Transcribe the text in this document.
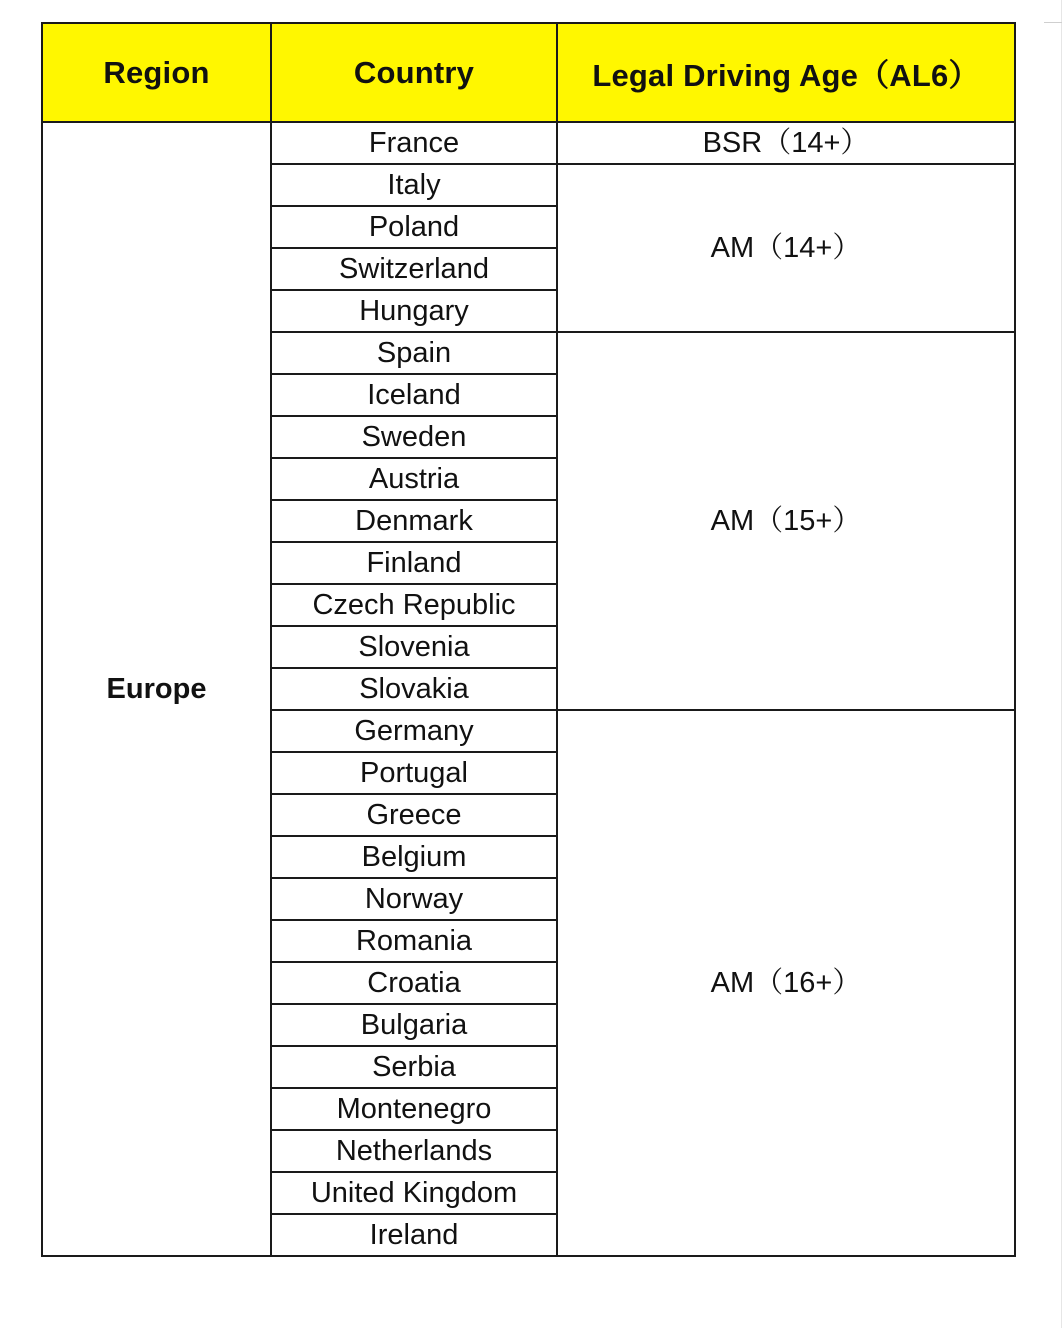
Region	Country	Legal Driving Age（AL6）
Europe	France	BSR（14+）
	Italy	AM（14+）
	Poland	
	Switzerland	
	Hungary	
	Spain	AM（15+）
	Iceland	
	Sweden	
	Austria	
	Denmark	
	Finland	
	Czech Republic	
	Slovenia	
	Slovakia	
	Germany	AM（16+）
	Portugal	
	Greece	
	Belgium	
	Norway	
	Romania	
	Croatia	
	Bulgaria	
	Serbia	
	Montenegro	
	Netherlands	
	United Kingdom	
	Ireland	
